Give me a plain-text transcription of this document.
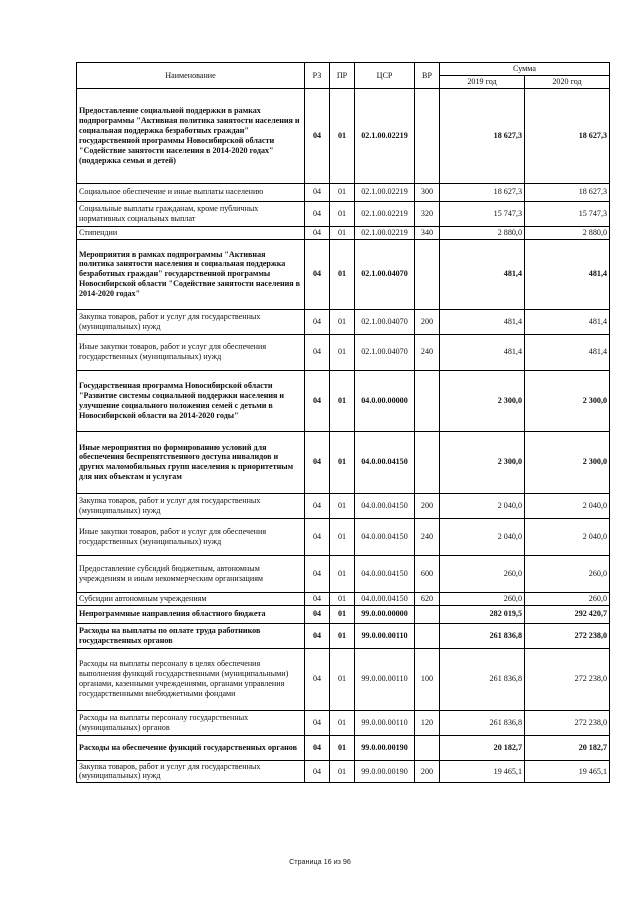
Наименование	РЗ	ПР	ЦСР	ВР	Сумма	
					2019 год	2020 год
Предоставление социальной поддержки в рамках подпрограммы "Активная политика занятости населения и социальная поддержка безработных граждан" государственной программы Новосибирской области "Содействие занятости населения в 2014-2020 годах" (поддержка семьи и детей)	04	01	02.1.00.02219		18 627,3	18 627,3
Социальное обеспечение и иные выплаты населению	04	01	02.1.00.02219	300	18 627,3	18 627,3
Социальные выплаты гражданам, кроме публичных нормативных социальных выплат	04	01	02.1.00.02219	320	15 747,3	15 747,3
Стипендии	04	01	02.1.00.02219	340	2 880,0	2 880,0
Мероприятия в рамках подпрограммы "Активная политика занятости населения и социальная поддержка безработных граждан" государственной программы Новосибирской области "Содействие занятости населения в 2014-2020 годах"	04	01	02.1.00.04070		481,4	481,4
Закупка товаров, работ и услуг для государственных (муниципальных) нужд	04	01	02.1.00.04070	200	481,4	481,4
Иные закупки товаров, работ и услуг для обеспечения государственных (муниципальных) нужд	04	01	02.1.00.04070	240	481,4	481,4
Государственная программа Новосибирской области "Развитие системы социальной поддержки населения и улучшение социального положения семей с детьми в Новосибирской области на 2014-2020 годы"	04	01	04.0.00.00000		2 300,0	2 300,0
Иные мероприятия по формированию условий для обеспечения беспрепятственного доступа инвалидов и других маломобильных групп населения к приоритетным для них объектам и услугам	04	01	04.0.00.04150		2 300,0	2 300,0
Закупка товаров, работ и услуг для государственных (муниципальных) нужд	04	01	04.0.00.04150	200	2 040,0	2 040,0
Иные закупки товаров, работ и услуг для обеспечения государственных (муниципальных) нужд	04	01	04.0.00.04150	240	2 040,0	2 040,0
Предоставление субсидий бюджетным, автономным учреждениям и иным некоммерческим организациям	04	01	04.0.00.04150	600	260,0	260,0
Субсидии автономным учреждениям	04	01	04.0.00.04150	620	260,0	260,0
Непрограммные направления областного бюджета	04	01	99.0.00.00000		282 019,5	292 420,7
Расходы на выплаты по оплате труда работников государственных органов	04	01	99.0.00.00110		261 836,8	272 238,0
Расходы на выплаты персоналу в целях обеспечения выполнения функций государственными (муниципальными) органами, казенными учреждениями, органами управления государственными внебюджетными фондами	04	01	99.0.00.00110	100	261 836,8	272 238,0
Расходы на выплаты персоналу государственных (муниципальных) органов	04	01	99.0.00.00110	120	261 836,8	272 238,0
Расходы на обеспечение функций государственных органов	04	01	99.0.00.00190		20 182,7	20 182,7
Закупка товаров, работ и услуг для государственных (муниципальных) нужд	04	01	99.0.00.00190	200	19 465,1	19 465,1
Страница 16 из 96
